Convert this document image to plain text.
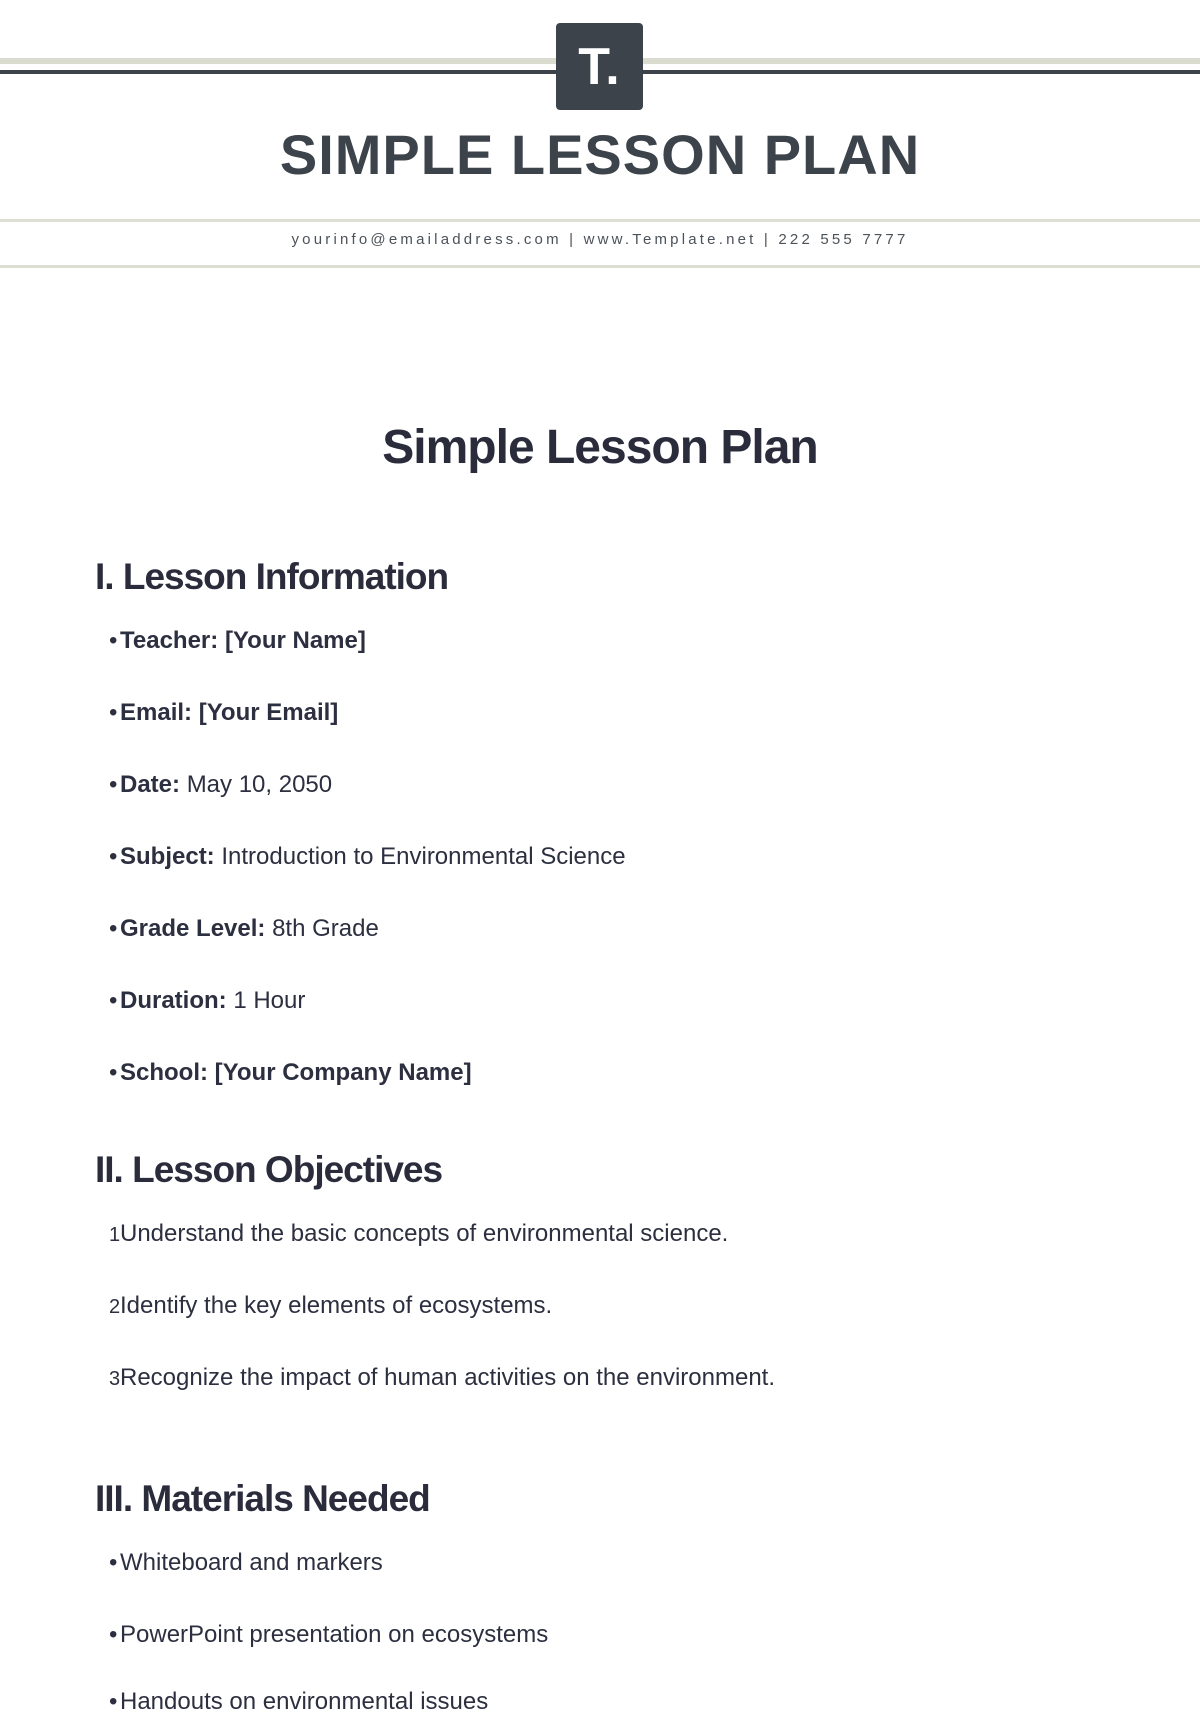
T.
SIMPLE LESSON PLAN
yourinfo@emailaddress.com | www.Template.net | 222 555 7777
Simple Lesson Plan
I. Lesson Information
• Teacher: [Your Name]
• Email: [Your Email]
• Date: May 10, 2050
• Subject: Introduction to Environmental Science
• Grade Level: 8th Grade
• Duration: 1 Hour
• School: [Your Company Name]
II. Lesson Objectives
1Understand the basic concepts of environmental science.
2Identify the key elements of ecosystems.
3Recognize the impact of human activities on the environment.
III. Materials Needed
• Whiteboard and markers
• PowerPoint presentation on ecosystems
• Handouts on environmental issues
